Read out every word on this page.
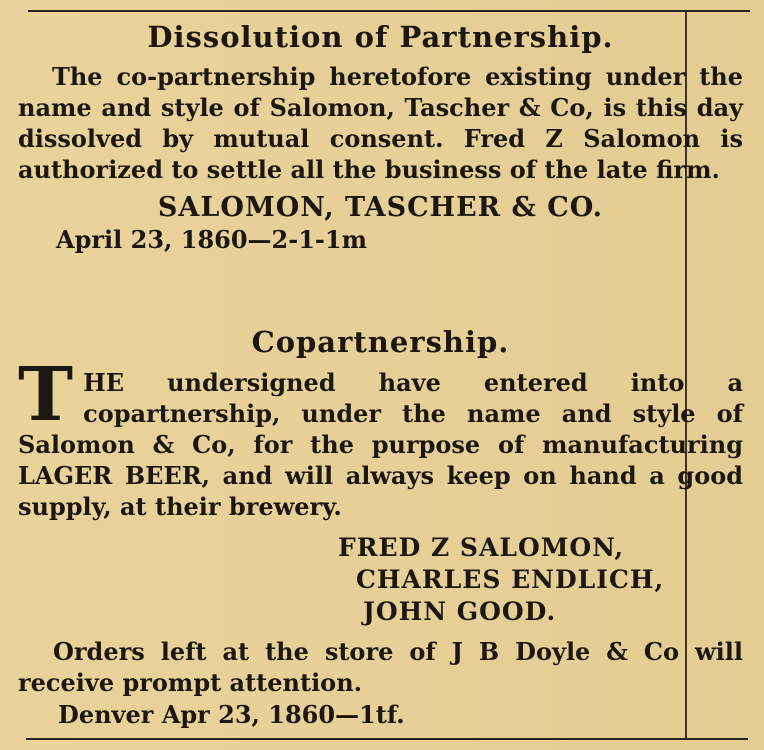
Dissolution of Partnership.

The co-partnership heretofore existing under the name and style of Salomon, Tascher & Co, is this day dissolved by mutual consent. Fred Z Salomon is authorized to settle all the business of the late firm.

SALOMON, TASCHER & CO.

April 23, 1860—2-1-1m

Copartnership.

THE undersigned have entered into a copartnership, under the name and style of Salomon & Co, for the purpose of manufacturing LAGER BEER, and will always keep on hand a good supply, at their brewery.

FRED Z SALOMON,
CHARLES ENDLICH,
JOHN GOOD.

Orders left at the store of J B Doyle & Co will receive prompt attention.

Denver Apr 23, 1860—1tf.
